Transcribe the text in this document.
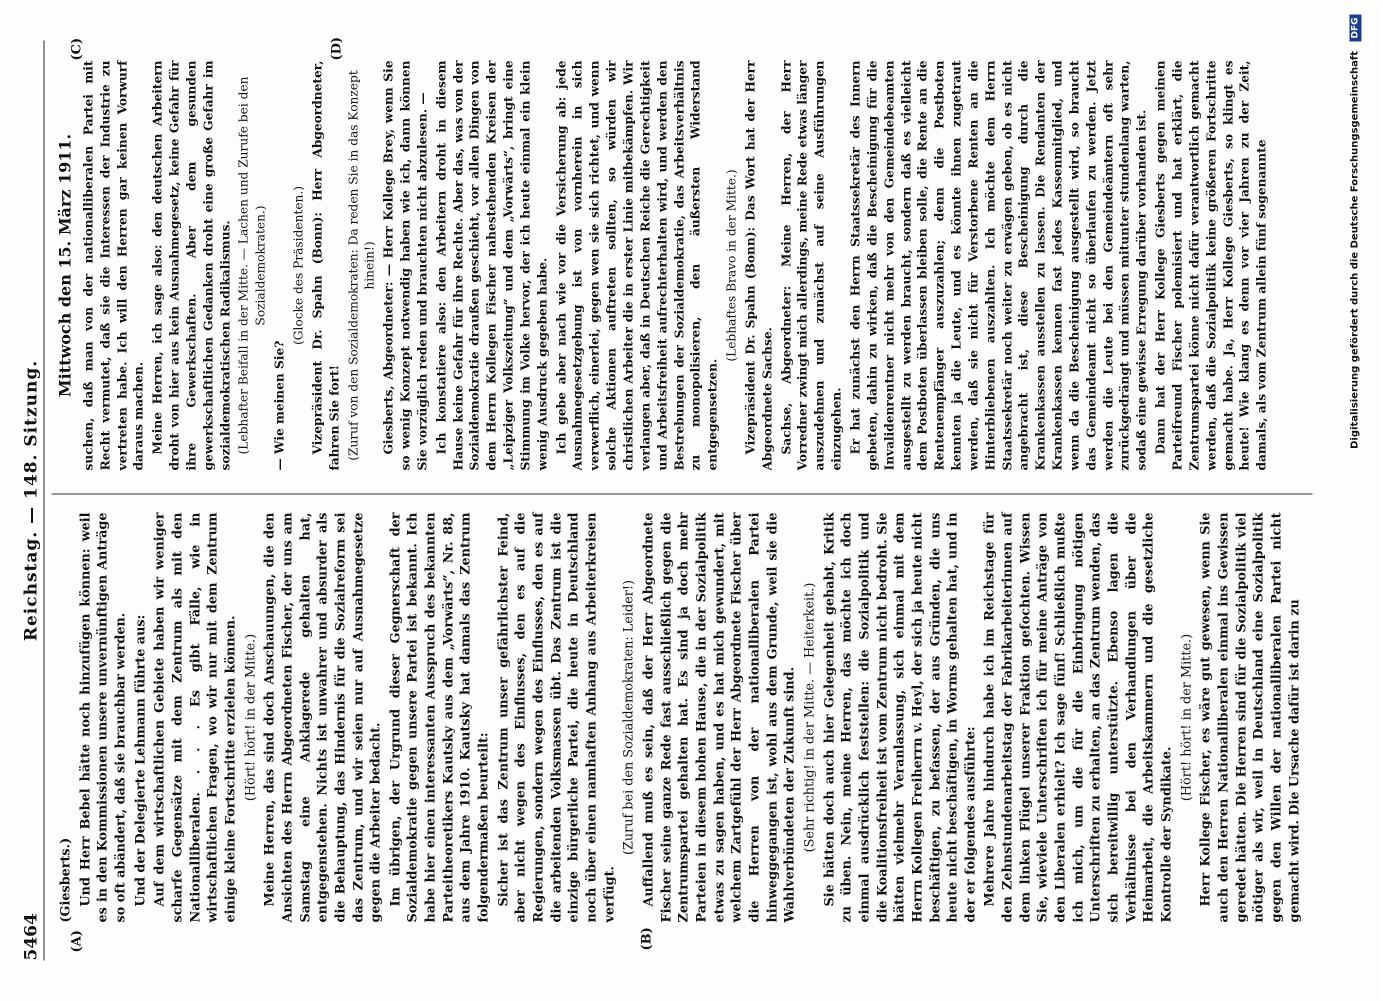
5464
Reichstag. — 148. Sitzung.
(A)	(B)
(C)	(D)

(Giesberts.) Und Herr Bebel hätte noch hinzufügen können: weil es in den Kommissionen unsere unvernünftigen Anträge so oft abändert, daß sie brauchbar werden. Und der Delegierte Lehmann führte aus: Auf dem wirtschaftlichen Gebiete haben wir weniger scharfe Gegensätze mit dem Zentrum als mit den Nationalliberalen. . . . Es gibt Fälle, wie in wirtschaftlichen Fragen, wo wir nur mit dem Zentrum einige kleine Fortschritte erzielen können. (Hört! hört! in der Mitte.) Meine Herren, das sind doch Anschauungen, die den Ansichten des Herrn Abgeordneten Fischer, der uns am Samstag eine Anklagerede gehalten hat, entgegenstehen. Nichts ist unwahrer und absurder als die Behauptung, das Hindernis für die Sozialreform sei das Zentrum, und wir seien nur auf Ausnahmegesetze gegen die Arbeiter bedacht. Im übrigen, der Urgrund dieser Gegnerschaft der Sozialdemokratie gegen unsere Partei ist bekannt. Ich habe hier einen interessanten Ausspruch des bekannten Parteitheoretikers Kautsky aus dem „Vorwärts“, Nr. 88, aus dem Jahre 1910. Kautsky hat damals das Zentrum folgendermaßen beurteilt: Sicher ist das Zentrum unser gefährlichster Feind, aber nicht wegen des Einflusses, den es auf die Regierungen, sondern wegen des Einflusses, den es auf die arbeitenden Volksmassen übt. Das Zentrum ist die einzige bürgerliche Partei, die heute in Deutschland noch über einen namhaften Anhang aus Arbeiterkreisen verfügt.

(Zuruf bei den Sozialdemokraten: Leider!) Auffallend muß es sein, daß der Herr Abgeordnete Fischer seine ganze Rede fast ausschließlich gegen die Zentrumspartei gehalten hat. Es sind ja doch mehr Parteien in diesem hohen Hause, die in der Sozialpolitik etwas zu sagen haben, und es hat mich gewundert, mit welchem Zartgefühl der Herr Abgeordnete Fischer über die Herren von der nationalliberalen Partei hinweggegangen ist, wohl aus dem Grunde, weil sie die Wahlverbündeten der Zukunft sind. (Sehr richtig! in der Mitte. — Heiterkeit.) Sie hätten doch auch hier Gelegenheit gehabt, Kritik zu üben. Nein, meine Herren, das möchte ich doch einmal ausdrücklich feststellen: die Sozialpolitik und die Koalitionsfreiheit ist vom Zentrum nicht bedroht. Sie hätten vielmehr Veranlassung, sich einmal mit dem Herrn Kollegen Freiherrn v. Heyl, der sich ja heute nicht beschäftigen, zu befassen, der aus Gründen, die uns heute nicht beschäftigen, in Worms gehalten hat, und in der er folgendes ausführte: Mehrere Jahre hindurch habe ich im Reichstage für den Zehnstundenarbeitstag der Fabrikarbeiterinnen auf dem linken Flügel unserer Fraktion gefochten. Wissen Sie, wieviele Unterschriften ich für meine Anträge von den Liberalen erhielt? Ich sage fünf! Schließlich mußte ich mich, um die für die Einbringung nötigen Unterschriften zu erhalten, an das Zentrum wenden, das sich bereitwillig unterstützte. Ebenso lagen die Verhältnisse bei den Verhandlungen über die Heimarbeit, die Arbeitskammern und die gesetzliche Kontrolle der Syndikate.

(Hört! hört! in der Mitte.) Herr Kollege Fischer, es wäre gut gewesen, wenn Sie auch den Herren Nationalliberalen einmal ins Gewissen geredet hätten. Die Herren sind für die Sozialpolitik viel nötiger als wir, weil in Deutschland eine Sozialpolitik gegen den Willen der nationalliberalen Partei nicht gemacht wird. Die Ursache dafür ist darin zu

Mittwoch den 15. März 1911. suchen, daß man von der nationalliberalen Partei mit Recht vermutet, daß sie die Interessen der Industrie zu vertreten habe. Ich will den Herren gar keinen Vorwurf daraus machen. Meine Herren, ich sage also: den deutschen Arbeitern droht von hier aus kein Ausnahmegesetz, keine Gefahr für ihre Gewerkschaften. Aber dem gesunden gewerkschaftlichen Gedanken droht eine große Gefahr im sozialdemokratischen Radikalismus. (Lebhafter Beifall in der Mitte. — Lachen und Zurufe bei den Sozialdemokraten.)

— Wie meinen Sie?

(Glocke des Präsidenten.) Vizepräsident Dr. Spahn (Bonn): Herr Abgeordneter, fahren Sie fort! (Zuruf von den Sozialdemokraten: Da reden Sie in das Konzept hinein!) Giesberts, Abgeordneter: — Herr Kollege Brey, wenn Sie so wenig Konzept notwendig haben wie ich, dann können Sie vorzüglich reden und brauchten nicht abzulesen. — Ich konstatiere also: den Arbeitern droht in diesem Hause keine Gefahr für ihre Rechte. Aber das, was von der Sozialdemokratie draußen geschieht, vor allen Dingen von dem Herrn Kollegen Fischer nahestehenden Kreisen der „Leipziger Volkszeitung“ und dem „Vorwärts“, bringt eine Stimmung im Volke hervor, der ich heute einmal ein klein wenig Ausdruck gegeben habe. Ich gebe aber nach wie vor die Versicherung ab: jede Ausnahmegesetzgebung ist von vornherein in sich verwerflich, einerlei, gegen wen sie sich richtet, und wenn solche Aktionen auftreten sollten, so würden wir christlichen Arbeiter die in erster Linie mitbekämpfen. Wir verlangen aber, daß in Deutschen Reiche die Gerechtigkeit und Arbeitsfreiheit aufrechterhalten wird, und werden den Bestrebungen der Sozialdemokratie, das Arbeitsverhältnis zu monopolisieren, den äußersten Widerstand entgegensetzen.

(Lebhaftes Bravo in der Mitte.) Vizepräsident Dr. Spahn (Bonn): Das Wort hat der Herr Abgeordnete Sachse. Sachse, Abgeordneter: Meine Herren, der Herr Vorredner zwingt mich allerdings, meine Rede etwas länger auszudehnen und zunächst auf seine Ausführungen einzugehen. Er hat zunächst den Herrn Staatssekretär des Innern gebeten, dahin zu wirken, daß die Bescheinigung für die Invalidenrentner nicht mehr von den Gemeindebeamten ausgestellt zu werden braucht, sondern daß es vielleicht dem Postboten überlassen bleiben solle, die Rente an die Rentenempfänger auszuzahlen; denn die Postboten kennten ja die Leute, und es könnte ihnen zugetraut werden, daß sie nicht für Verstorbene Renten an die Hinterbliebenen auszahlten. Ich möchte dem Herrn Staatssekretär noch weiter zu erwägen geben, ob es nicht angebracht ist, diese Bescheinigung durch die Krankenkassen ausstellen zu lassen. Die Rendanten der Krankenkassen kennen fast jedes Kassenmitglied, und wenn da die Bescheinigung ausgestellt wird, so braucht das Gemeindeamt nicht so überlaufen zu werden. Jetzt werden die Leute bei den Gemeindeämtern oft sehr zurückgedrängt und müssen mitunter stundenlang warten, sodaß eine gewisse Erregung darüber vorhanden ist. Dann hat der Herr Kollege Giesberts gegen meinen Parteifreund Fischer polemisiert und hat erklärt, die Zentrumspartei könne nicht dafür verantwortlich gemacht werden, daß die Sozialpolitik keine größeren Fortschritte gemacht habe. Ja, Herr Kollege Giesberts, so klingt es heute! Wie klang es denn vor vier Jahren zu der Zeit, damals, als vom Zentrum allein fünf sogenannte	Digitalisierung gefördert durch die Deutsche Forschungsgemeinschaft DFG
